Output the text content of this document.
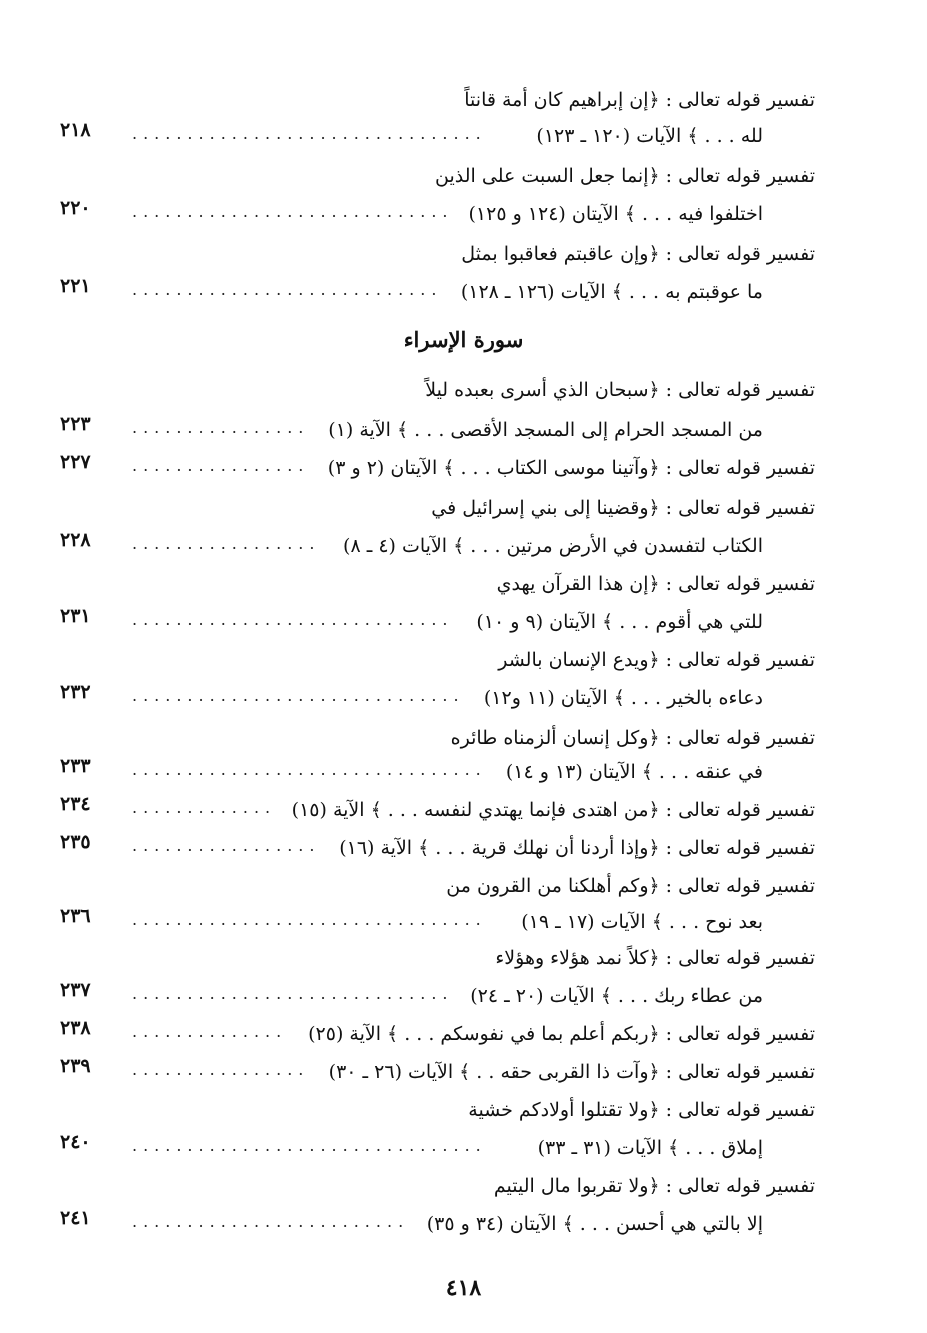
سورة الإسراء
تفسير قوله تعالى : ﴿إن إبراهيم كان أمة قانتاً
لله . . . ﴾ الآيات (١٢٠ ـ ١٢٣)
................................
٢١٨
تفسير قوله تعالى : ﴿إنما جعل السبت على الذين
اختلفوا فيه . . . ﴾ الآيتان (١٢٤ و ١٢٥)
.............................
٢٢٠
تفسير قوله تعالى : ﴿وإن عاقبتم فعاقبوا بمثل
ما عوقبتم به . . . ﴾ الآيات (١٢٦ ـ ١٢٨)
............................
٢٢١
تفسير قوله تعالى : ﴿سبحان الذي أسرى بعبده ليلاً
من المسجد الحرام إلى المسجد الأقصى . . . ﴾ الآية (١)
................
٢٢٣
تفسير قوله تعالى : ﴿وآتينا موسى الكتاب . . . ﴾ الآيتان (٢ و ٣)
................
٢٢٧
تفسير قوله تعالى : ﴿وقضينا إلى بني إسرائيل في
الكتاب لتفسدن في الأرض مرتين . . . ﴾ الآيات (٤ ـ ٨)
.................
٢٢٨
تفسير قوله تعالى : ﴿إن هذا القرآن يهدي
للتي هي أقوم . . . ﴾ الآيتان (٩ و ١٠)
.............................
٢٣١
تفسير قوله تعالى : ﴿ويدع الإنسان بالشر
دعاءه بالخير . . . ﴾ الآيتان (١١ و١٢)
..............................
٢٣٢
تفسير قوله تعالى : ﴿وكل إنسان ألزمناه طائره
في عنقه . . . ﴾ الآيتان (١٣ و ١٤)
................................
٢٣٣
تفسير قوله تعالى : ﴿من اهتدى فإنما يهتدي لنفسه . . . ﴾ الآية (١٥)
.............
٢٣٤
تفسير قوله تعالى : ﴿وإذا أردنا أن نهلك قرية . . . ﴾ الآية (١٦)
.................
٢٣٥
تفسير قوله تعالى : ﴿وكم أهلكنا من القرون من
بعد نوح . . . ﴾ الآيات (١٧ ـ ١٩)
................................
٢٣٦
تفسير قوله تعالى : ﴿كلاً نمد هؤلاء وهؤلاء
من عطاء ربك . . . ﴾ الآيات (٢٠ ـ ٢٤)
.............................
٢٣٧
تفسير قوله تعالى : ﴿ربكم أعلم بما في نفوسكم . . . ﴾ الآية (٢٥)
..............
٢٣٨
تفسير قوله تعالى : ﴿وآت ذا القربى حقه . . ﴾ الآيات (٢٦ ـ ٣٠)
................
٢٣٩
تفسير قوله تعالى : ﴿ولا تقتلوا أولادكم خشية
إملاق . . . ﴾ الآيات (٣١ ـ ٣٣)
................................
٢٤٠
تفسير قوله تعالى : ﴿ولا تقربوا مال اليتيم
إلا بالتي هي أحسن . . . ﴾ الآيتان (٣٤ و ٣٥)
.........................
٢٤١
٤١٨
